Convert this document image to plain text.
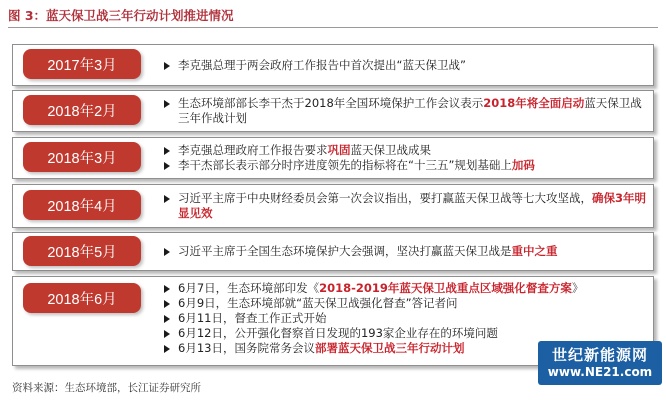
图 3：蓝天保卫战三年行动计划推进情况
2017年3月	李克强总理于两会政府工作报告中首次提出“蓝天保卫战”
2018年2月
生态环境部部长李干杰于2018年全国环境保护工作会议表示2018年将全面启动蓝天保卫战三年作战计划
2018年3月
李克强总理政府工作报告要求巩固蓝天保卫战成果
李干杰部长表示部分时序进度领先的指标将在“十三五”规划基础上加码
2018年4月
习近平主席于中央财经委员会第一次会议指出，要打赢蓝天保卫战等七大攻坚战，确保3年明显见效
2018年5月	习近平主席于全国生态环境保护大会强调，坚决打赢蓝天保卫战是重中之重
2018年6月
6月7日，生态环境部印发《2018-2019年蓝天保卫战重点区域强化督查方案》
6月9日，生态环境部就“蓝天保卫战强化督查”答记者问
6月11日，督查工作正式开始
6月12日，公开强化督察首日发现的193家企业存在的环境问题
6月13日，国务院常务会议部署蓝天保卫战三年行动计划
资料来源：生态环境部，长江证券研究所
世纪新能源网
www.NE21.com
